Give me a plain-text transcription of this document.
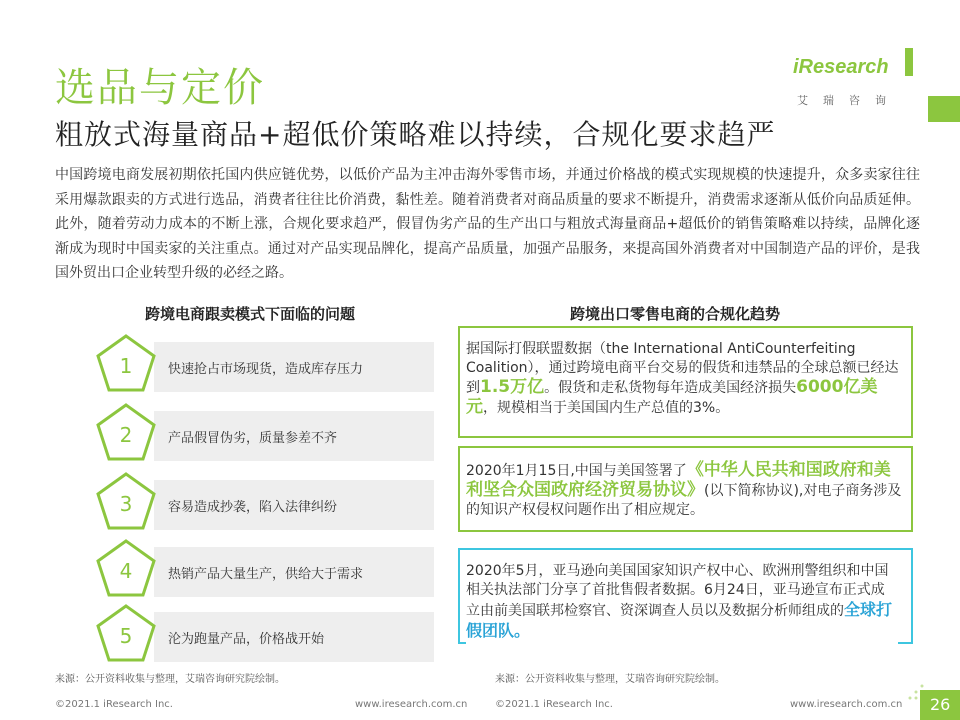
选品与定价
粗放式海量商品+超低价策略难以持续，合规化要求趋严
iResearch
艾瑞咨询
中国跨境电商发展初期依托国内供应链优势，以低价产品为主冲击海外零售市场，并通过价格战的模式实现规模的快速提升，众多卖家往往采用爆款跟卖的方式进行选品，消费者往往比价消费，黏性差。随着消费者对商品质量的要求不断提升，消费需求逐渐从低价向品质延伸。此外，随着劳动力成本的不断上涨，合规化要求趋严，假冒伪劣产品的生产出口与粗放式海量商品+超低价的销售策略难以持续，品牌化逐渐成为现时中国卖家的关注重点。通过对产品实现品牌化，提高产品质量，加强产品服务，来提高国外消费者对中国制造产品的评价，是我国外贸出口企业转型升级的必经之路。
跨境电商跟卖模式下面临的问题	跨境出口零售电商的合规化趋势
1	快速抢占市场现货，造成库存压力
2	产品假冒伪劣，质量参差不齐
3	容易造成抄袭，陷入法律纠纷
4	热销产品大量生产，供给大于需求
5	沦为跑量产品，价格战开始
据国际打假联盟数据（the International AntiCounterfeiting Coalition），通过跨境电商平台交易的假货和违禁品的全球总额已经达到1.5万亿。假货和走私货物每年造成美国经济损失6000亿美元，规模相当于美国国内生产总值的3%。
2020年1月15日,中国与美国签署了《中华人民共和国政府和美利坚合众国政府经济贸易协议》(以下简称协议),对电子商务涉及的知识产权侵权问题作出了相应规定。
2020年5月，亚马逊向美国国家知识产权中心、欧洲刑警组织和中国相关执法部门分享了首批售假者数据。6月24日，亚马逊宣布正式成立由前美国联邦检察官、资深调查人员以及数据分析师组成的全球打假团队。
来源：公开资料收集与整理，艾瑞咨询研究院绘制。	来源：公开资料收集与整理，艾瑞咨询研究院绘制。
©2021.1 iResearch Inc.	www.iresearch.com.cn	©2021.1 iResearch Inc.	www.iresearch.com.cn 26
